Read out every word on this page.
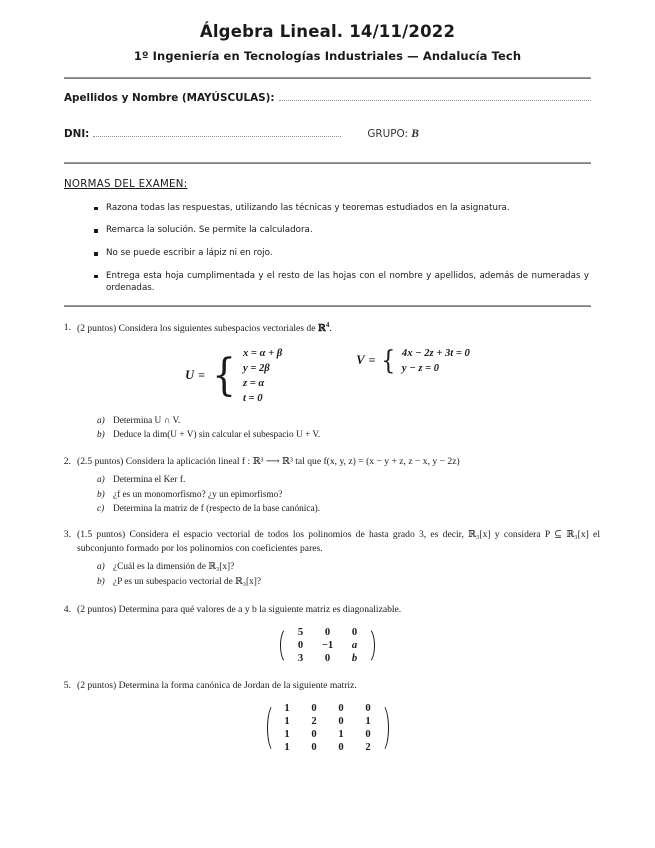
Álgebra Lineal. 14/11/2022
1º Ingeniería en Tecnologías Industriales — Andalucía Tech
Apellidos y Nombre (MAYÚSCULAS):
DNI:	GRUPO: B
NORMAS DEL EXAMEN:
Razona todas las respuestas, utilizando las técnicas y teoremas estudiados en la asignatura.
Remarca la solución. Se permite la calculadora.
No se puede escribir a lápiz ni en rojo.
Entrega esta hoja cumplimentada y el resto de las hojas con el nombre y apellidos, además de numeradas y ordenadas.
1. (2 puntos) Considera los siguientes subespacios vectoriales de ℝ$^4$.
U ≡ { x = α + β
y = 2β
z = α
t = 0
V ≡ { 4x − 2z + 3t = 0
y − z = 0
a) Determina U ∩ V.
b) Deduce la dim(U + V) sin calcular el subespacio U + V.
2. (2.5 puntos) Considera la aplicación lineal f : ℝ³ ⟶ ℝ³ tal que f(x, y, z) = (x − y + z, z − x, y − 2z)
a) Determina el Ker f.
b) ¿f es un monomorfismo? ¿y un epimorfismo?
c) Determina la matriz de f (respecto de la base canónica).
3. (1.5 puntos) Considera el espacio vectorial de todos los polinomios de hasta grado 3, es decir, ℝ₃[x] y considera P ⊆ ℝ₃[x] el subconjunto formado por los polinomios con coeficientes pares.
a) ¿Cuál es la dimensión de ℝ₃[x]?
b) ¿P es un subespacio vectorial de ℝ₃[x]?
4. (2 puntos) Determina para qué valores de a y b la siguiente matriz es diagonalizable.
5	0	0
0	−1	a
3	0	b
5. (2 puntos) Determina la forma canónica de Jordan de la siguiente matriz.
1	0	0	0
1	2	0	1
1	0	1	0
1	0	0	2
